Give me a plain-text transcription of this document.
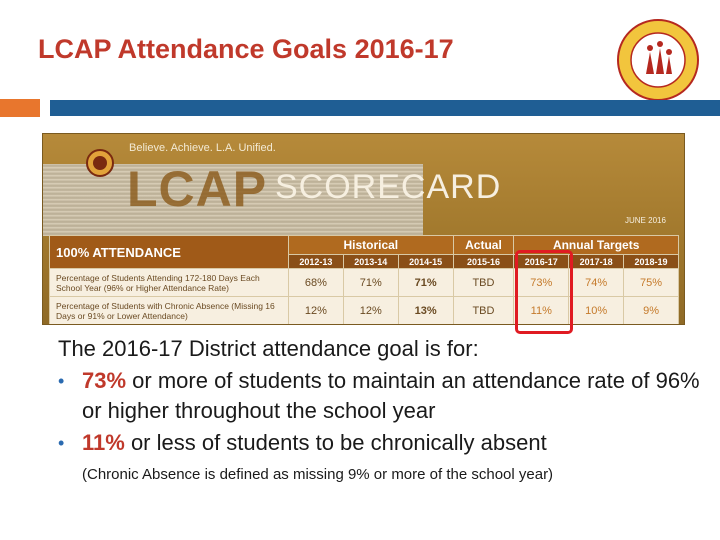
LCAP Attendance Goals 2016-17
Believe. Achieve. L.A. Unified.
LCAP SCORECARD
JUNE 2016
100% ATTENDANCE	Historical			Actual	Annual Targets		
	2012-13	2013-14	2014-15	2015-16	2016-17	2017-18	2018-19
Percentage of Students Attending 172-180 Days Each School Year (96% or Higher Attendance Rate)	68%	71%	71%	TBD	73%	74%	75%
Percentage of Students with Chronic Absence (Missing 16 Days or 91% or Lower Attendance)	12%	12%	13%	TBD	11%	10%	9%
The 2016-17 District attendance goal is for:
• 73% or more of students to maintain an attendance rate of 96% or higher throughout the school year
• 11% or less of students to be chronically absent
(Chronic Absence is defined as missing 9% or more of the school year)
